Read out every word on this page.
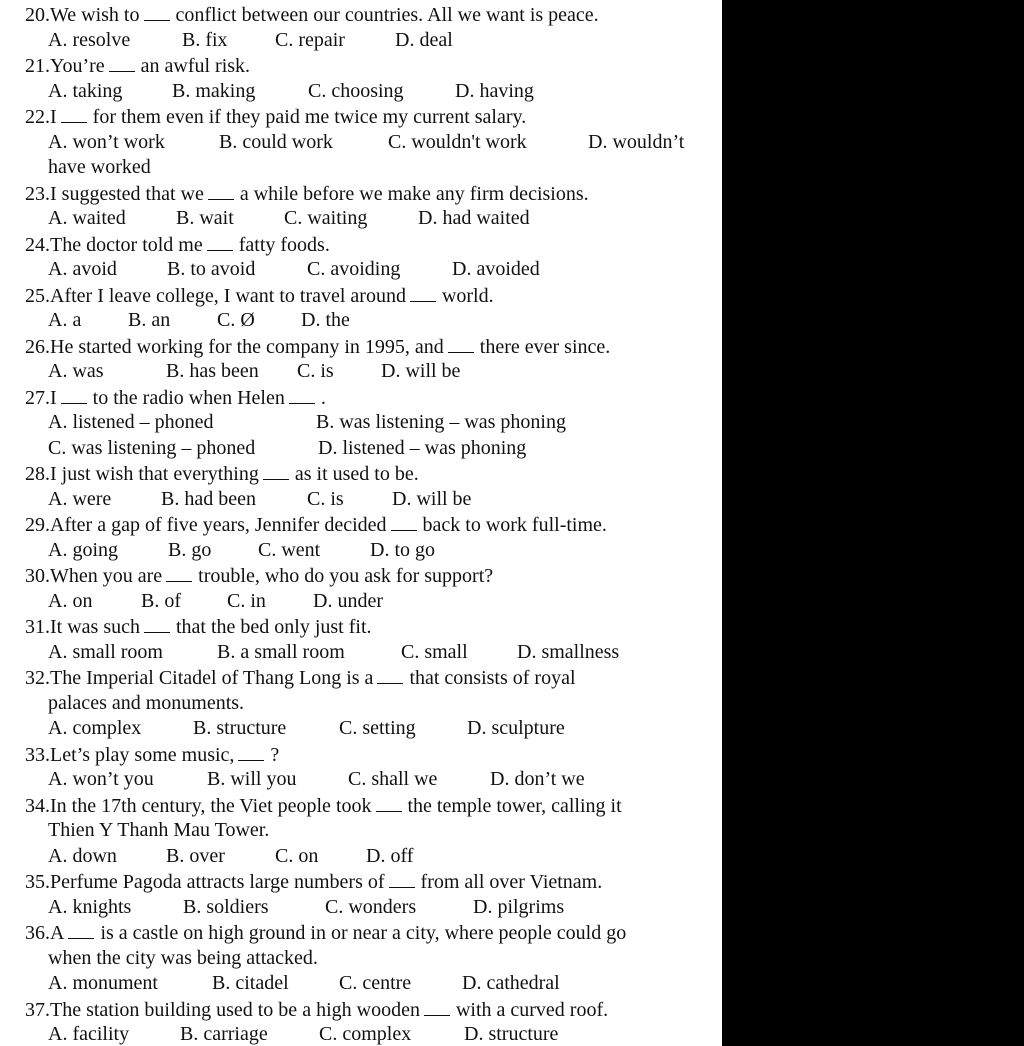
20.We wish to conflict between our countries. All we want is peace.
A. resolve	B. fix C. repair	D. deal
21.You’re an awful risk.
A. taking B. making	C. choosing	D. having
22.I for them even if they paid me twice my current salary.
A. won’t work	B. could work	C. wouldn't work	D. wouldn’t
have worked
23.I suggested that we a while before we make any firm decisions.
A. waited	B. wait	C. waiting	D. had waited
24.The doctor told me fatty foods.
A. avoid	B. to avoid	C. avoiding	D. avoided
25.After I leave college, I want to travel around world.
A. a B. an C. Ø D. the
26.He started working for the company in 1995, and there ever since.
A. was	B. has been C. is D. will be
27.I to the radio when Helen .
A. listened – phoned	B. was listening – was phoning
C. was listening – phoned	D. listened – was phoning
28.I just wish that everything as it used to be.
A. were B. had been	C. is D. will be
29.After a gap of five years, Jennifer decided back to work full-time.
A. going	B. go C. went D. to go
30.When you are trouble, who do you ask for support?
A. on B. of C. in D. under
31.It was such that the bed only just fit.
A. small room	B. a small room	C. small D. smallness
32.The Imperial Citadel of Thang Long is a that consists of royal
palaces and monuments.
A. complex	B. structure	C. setting	D. sculpture
33.Let’s play some music, ?
A. won’t you	B. will you	C. shall we	D. don’t we
34.In the 17th century, the Viet people took the temple tower, calling it
Thien Y Thanh Mau Tower.
A. down B. over	C. on D. off
35.Perfume Pagoda attracts large numbers of from all over Vietnam.
A. knights	B. soldiers	C. wonders	D. pilgrims
36.A is a castle on high ground in or near a city, where people could go
when the city was being attacked.
A. monument	B. citadel	C. centre	D. cathedral
37.The station building used to be a high wooden with a curved roof.
A. facility	B. carriage	C. complex	D. structure
